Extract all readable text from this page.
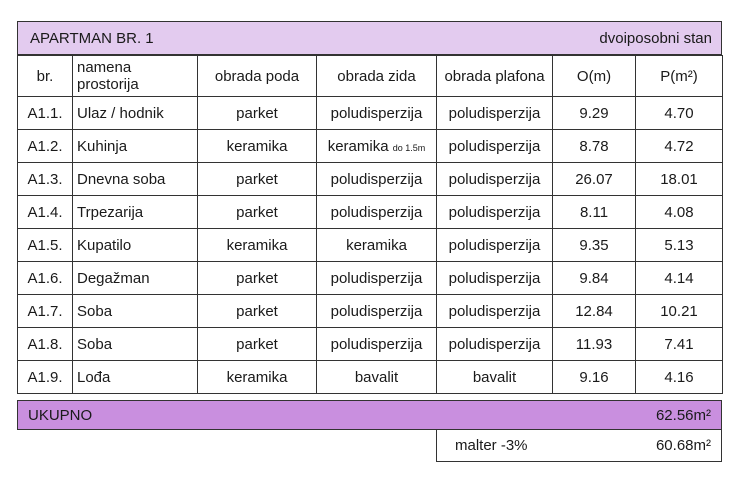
APARTMAN BR. 1	dvoiposobni stan
br.	namena prostorija	obrada poda	obrada zida	obrada plafona	O(m)	P(m²)
A1.1.	Ulaz / hodnik	parket	poludisperzija	poludisperzija	9.29	4.70
A1.2.	Kuhinja	keramika	keramika do 1.5m	poludisperzija	8.78	4.72
A1.3.	Dnevna soba	parket	poludisperzija	poludisperzija	26.07	18.01
A1.4.	Trpezarija	parket	poludisperzija	poludisperzija	8.11	4.08
A1.5.	Kupatilo	keramika	keramika	poludisperzija	9.35	5.13
A1.6.	Degažman	parket	poludisperzija	poludisperzija	9.84	4.14
A1.7.	Soba	parket	poludisperzija	poludisperzija	12.84	10.21
A1.8.	Soba	parket	poludisperzija	poludisperzija	11.93	7.41
A1.9.	Lođa	keramika	bavalit	bavalit	9.16	4.16
UKUPNO	62.56m²
malter -3%	60.68m²
